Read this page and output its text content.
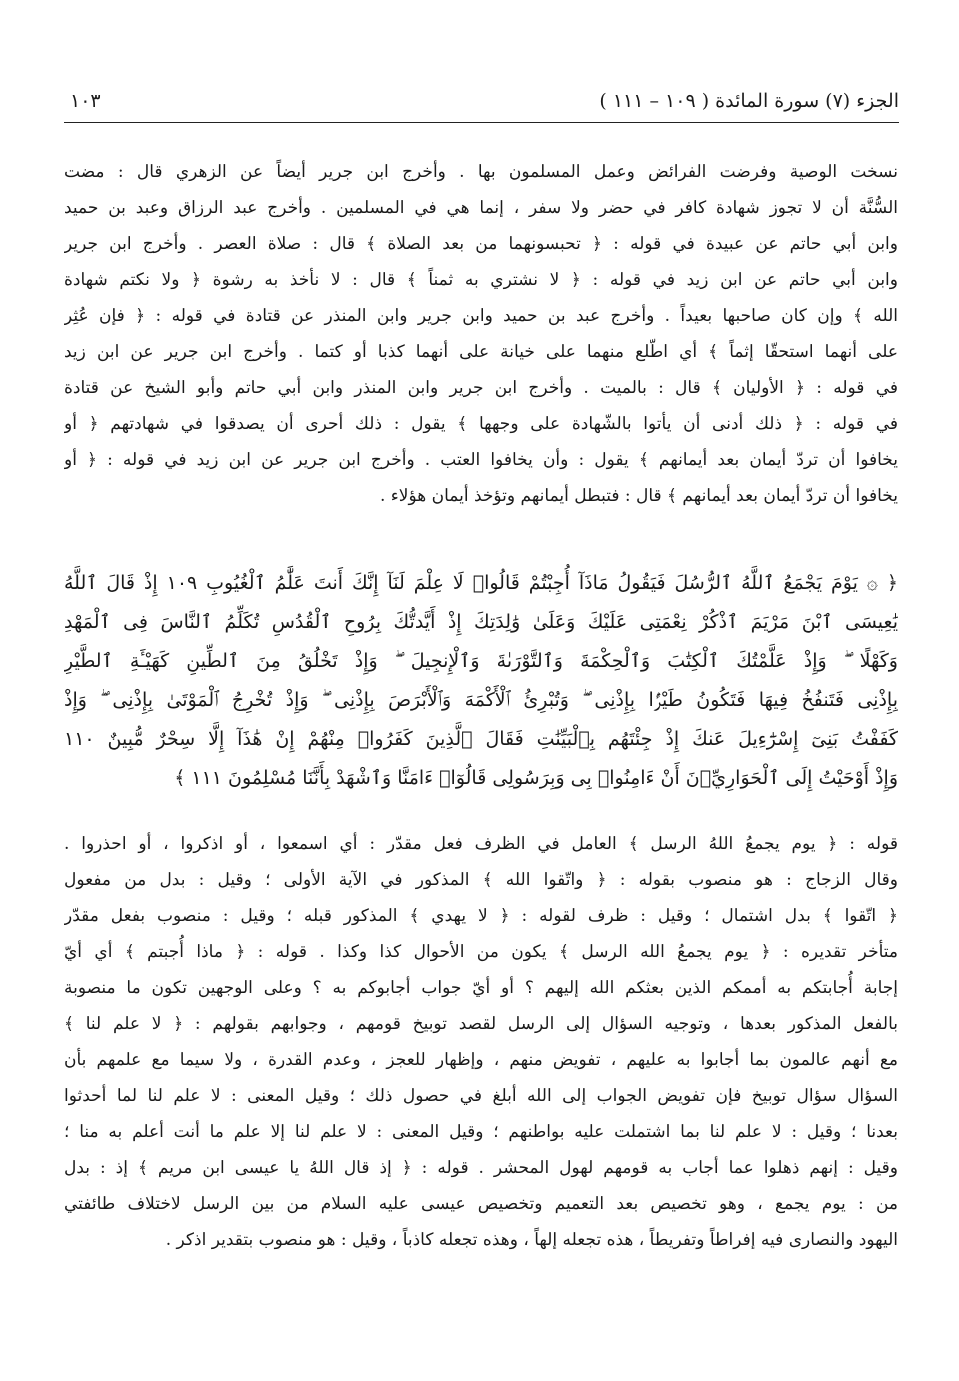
الجزء (٧) سورة المائدة ( ١٠٩ – ١١١ )
١٠٣
نسخت الوصية وفرضت الفرائض وعمل المسلمون بها . وأخرج ابن جرير أيضاً عن الزهري قال : مضت
السُّنَّة أن لا تجوز شهادة كافر في حضر ولا سفر ، إنما هي في المسلمين . وأخرج عبد الرزاق وعبد بن حميد
وابن أبي حاتم عن عبيدة في قوله : ﴿ تحبسونهما من بعد الصلاة ﴾ قال : صلاة العصر . وأخرج ابن جرير
وابن أبي حاتم عن ابن زيد في قوله : ﴿ لا نشتري به ثمناً ﴾ قال : لا نأخذ به رشوة ﴿ ولا نكتم شهادة
الله ﴾ وإن كان صاحبها بعيداً . وأخرج عبد بن حميد وابن جرير وابن المنذر عن قتادة في قوله : ﴿ فإن عُثِر
على أنهما استحقّا إثماً ﴾ أي اطّلع منهما على خيانة على أنهما كذبا أو كتما . وأخرج ابن جرير عن ابن زيد
في قوله : ﴿ الأوليان ﴾ قال : بالميت . وأخرج ابن جرير وابن المنذر وابن أبي حاتم وأبو الشيخ عن قتادة
في قوله : ﴿ ذلك أدنى أن يأتوا بالشّهادة على وجهها ﴾ يقول : ذلك أحرى أن يصدقوا في شهادتهم ﴿ أو
يخافوا أن تردّ أيمان بعد أيمانهم ﴾ يقول : وأن يخافوا العتب . وأخرج ابن جرير عن ابن زيد في قوله : ﴿ أو
يخافوا أن تردّ أيمان بعد أيمانهم ﴾ قال : فتبطل أيمانهم وتؤخذ أيمان هؤلاء .
﴿ ۞ يَوْمَ يَجْمَعُ ٱللَّهُ ٱلرُّسُلَ فَيَقُولُ مَاذَآ أُجِبْتُمْ قَالُوا۟ لَا عِلْمَ لَنَآ إِنَّكَ أَنتَ عَلَّٰمُ ٱلْغُيُوبِ ١٠٩ إِذْ قَالَ ٱللَّهُ
يَٰعِيسَى ٱبْنَ مَرْيَمَ ٱذْكُرْ نِعْمَتِى عَلَيْكَ وَعَلَىٰ وَٰلِدَتِكَ إِذْ أَيَّدتُّكَ بِرُوحِ ٱلْقُدُسِ تُكَلِّمُ ٱلنَّاسَ فِى ٱلْمَهْدِ
وَكَهْلًا ۖ وَإِذْ عَلَّمْتُكَ ٱلْكِتَٰبَ وَٱلْحِكْمَةَ وَٱلتَّوْرَىٰةَ وَٱلْإِنجِيلَ ۖ وَإِذْ تَخْلُقُ مِنَ ٱلطِّينِ كَهَيْـَٔةِ ٱلطَّيْرِ
بِإِذْنِى فَتَنفُخُ فِيهَا فَتَكُونُ طَيْرًۢا بِإِذْنِى ۖ وَتُبْرِئُ ٱلْأَكْمَهَ وَٱلْأَبْرَصَ بِإِذْنِى ۖ وَإِذْ تُخْرِجُ ٱلْمَوْتَىٰ بِإِذْنِى ۖ وَإِذْ
كَفَفْتُ بَنِىٓ إِسْرَٰٓءِيلَ عَنكَ إِذْ جِئْتَهُم بِٱلْبَيِّنَٰتِ فَقَالَ ٱلَّذِينَ كَفَرُوا۟ مِنْهُمْ إِنْ هَٰذَآ إِلَّا سِحْرٌ مُّبِينٌ ١١٠
وَإِذْ أَوْحَيْتُ إِلَى ٱلْحَوَارِيِّۦنَ أَنْ ءَامِنُوا۟ بِى وَبِرَسُولِى قَالُوٓا۟ ءَامَنَّا وَٱشْهَدْ بِأَنَّنَا مُسْلِمُونَ ١١١ ﴾
قوله : ﴿ يوم يجمعُ اللهُ الرسل ﴾ العامل في الظرف فعل مقدّر : أي اسمعوا ، أو اذكروا ، أو احذروا .
وقال الزجاج : هو منصوب بقوله : ﴿ واتّقوا الله ﴾ المذكور في الآية الأولى ؛ وقيل : بدل من مفعول
﴿ اتّقوا ﴾ بدل اشتمال ؛ وقيل : ظرف لقوله : ﴿ لا يهدي ﴾ المذكور قبله ؛ وقيل : منصوب بفعل مقدّر
متأخر تقديره : ﴿ يوم يجمعُ الله الرسل ﴾ يكون من الأحوال كذا وكذا . قوله : ﴿ ماذا أُجبتم ﴾ أي أيّ
إجابة أُجابتكم به أممكم الذين بعثكم الله إليهم ؟ أو أيّ جواب أجابوكم به ؟ وعلى الوجهين تكون ما منصوبة
بالفعل المذكور بعدها ، وتوجيه السؤال إلى الرسل لقصد توبيخ قومهم ، وجوابهم بقولهم : ﴿ لا علم لنا ﴾
مع أنهم عالمون بما أجابوا به عليهم ، تفويض منهم ، وإظهار للعجز ، وعدم القدرة ، ولا سيما مع علمهم بأن
السؤال سؤال توبيخ فإن تفويض الجواب إلى الله أبلغ في حصول ذلك ؛ وقيل المعنى : لا علم لنا لما أحدثوا
بعدنا ؛ وقيل : لا علم لنا بما اشتملت عليه بواطنهم ؛ وقيل المعنى : لا علم لنا إلا علم ما أنت أعلم به منا ؛
وقيل : إنهم ذهلوا عما أجاب به قومهم لهول المحشر . قوله : ﴿ إذ قال اللهُ يا عيسى ابن مريم ﴾ إذ : بدل
من : يوم يجمع ، وهو تخصيص بعد التعميم وتخصيص عيسى عليه السلام من بين الرسل لاختلاف طائفتي
اليهود والنصارى فيه إفراطاً وتفريطاً ، هذه تجعله إلهاً ، وهذه تجعله كاذباً ، وقيل : هو منصوب بتقدير اذكر .
